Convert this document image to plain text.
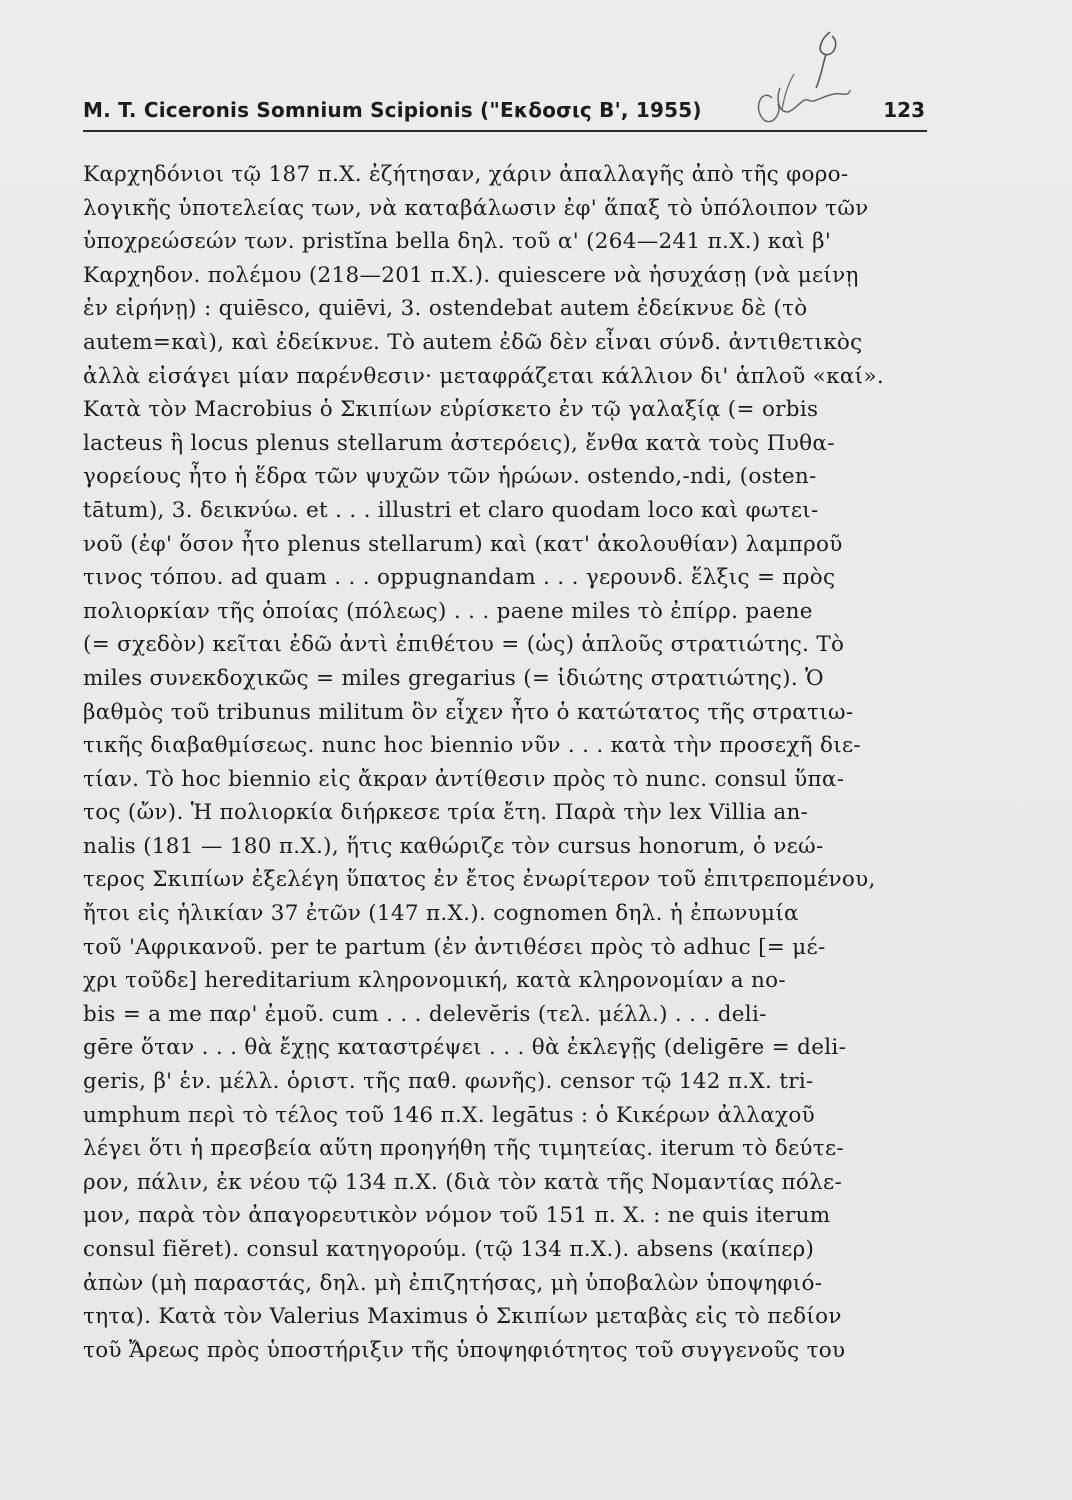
M. T. Ciceronis Somnium Scipionis ("Εκδοσις Β', 1955)	123
Καρχηδόνιοι τῷ 187 π.Χ. ἐζήτησαν, χάριν ἀπαλλαγῆς ἀπὸ τῆς φορο-
λογικῆς ὑποτελείας των, νὰ καταβάλωσιν ἐφ' ἅπαξ τὸ ὑπόλοιπον τῶν
ὑποχρεώσεών των. pristĭna bella δηλ. τοῦ α' (264—241 π.Χ.) καὶ β'
Καρχηδον. πολέμου (218—201 π.Χ.). quiescere νὰ ἡσυχάσῃ (νὰ μείνῃ
ἐν εἰρήνῃ) : quiēsco, quiēvi, 3. ostendebat autem ἐδείκνυε δὲ (τὸ
autem=καὶ), καὶ ἐδείκνυε. Τὸ autem ἐδῶ δὲν εἶναι σύνδ. ἀντιθετικὸς
ἀλλὰ εἰσάγει μίαν παρένθεσιν· μεταφράζεται κάλλιον δι' ἁπλοῦ «καί».
Κατὰ τὸν Macrobius ὁ Σκιπίων εὑρίσκετο ἐν τῷ γαλαξίᾳ (= orbis
lacteus ἢ locus plenus stellarum ἀστερόεις), ἔνθα κατὰ τοὺς Πυθα-
γορείους ἦτο ἡ ἕδρα τῶν ψυχῶν τῶν ἡρώων. ostendo,-ndi, (osten-
tātum), 3. δεικνύω. et . . . illustri et claro quodam loco καὶ φωτει-
νοῦ (ἐφ' ὅσον ἦτο plenus stellarum) καὶ (κατ' ἀκολουθίαν) λαμπροῦ
τινος τόπου. ad quam . . . oppugnandam . . . γερουνδ. ἕλξις = πρὸς
πολιορκίαν τῆς ὁποίας (πόλεως) . . . paene miles τὸ ἐπίρρ. paene
(= σχεδὸν) κεῖται ἐδῶ ἀντὶ ἐπιθέτου = (ὡς) ἁπλοῦς στρατιώτης. Τὸ
miles συνεκδοχικῶς = miles gregarius (= ἰδιώτης στρατιώτης). Ὁ
βαθμὸς τοῦ tribunus militum ὃν εἶχεν ἦτο ὁ κατώτατος τῆς στρατιω-
τικῆς διαβαθμίσεως. nunc hoc biennio νῦν . . . κατὰ τὴν προσεχῆ διε-
τίαν. Τὸ hoc biennio εἰς ἄκραν ἀντίθεσιν πρὸς τὸ nunc. consul ὕπα-
τος (ὤν). Ἡ πολιορκία διήρκεσε τρία ἔτη. Παρὰ τὴν lex Villia an-
nalis (181 — 180 π.Χ.), ἥτις καθώριζε τὸν cursus honorum, ὁ νεώ-
τερος Σκιπίων ἐξελέγη ὕπατος ἐν ἔτος ἐνωρίτερον τοῦ ἐπιτρεπομένου,
ἤτοι εἰς ἡλικίαν 37 ἐτῶν (147 π.Χ.). cognomen δηλ. ἡ ἐπωνυμία
τοῦ 'Αφρικανοῦ. per te partum (ἐν ἀντιθέσει πρὸς τὸ adhuc [= μέ-
χρι τοῦδε] hereditarium κληρονομική, κατὰ κληρονομίαν a no-
bis = a me παρ' ἐμοῦ. cum . . . delevĕris (τελ. μέλλ.) . . . deli-
gēre ὅταν . . . θὰ ἔχῃς καταστρέψει . . . θὰ ἐκλεγῇς (deligēre = deli-
geris, β' ἑν. μέλλ. ὁριστ. τῆς παθ. φωνῆς). censor τῷ 142 π.Χ. tri-
umphum περὶ τὸ τέλος τοῦ 146 π.Χ. legātus : ὁ Κικέρων ἀλλαχοῦ
λέγει ὅτι ἡ πρεσβεία αὕτη προηγήθη τῆς τιμητείας. iterum τὸ δεύτε-
ρον, πάλιν, ἐκ νέου τῷ 134 π.Χ. (διὰ τὸν κατὰ τῆς Νομαντίας πόλε-
μον, παρὰ τὸν ἀπαγορευτικὸν νόμον τοῦ 151 π. Χ. : ne quis iterum
consul fiĕret). consul κατηγορούμ. (τῷ 134 π.Χ.). absens (καίπερ)
ἀπὼν (μὴ παραστάς, δηλ. μὴ ἐπιζητήσας, μὴ ὑποβαλὼν ὑποψηφιό-
τητα). Κατὰ τὸν Valerius Maximus ὁ Σκιπίων μεταβὰς εἰς τὸ πεδίον
τοῦ Ἄρεως πρὸς ὑποστήριξιν τῆς ὑποψηφιότητος τοῦ συγγενοῦς του
